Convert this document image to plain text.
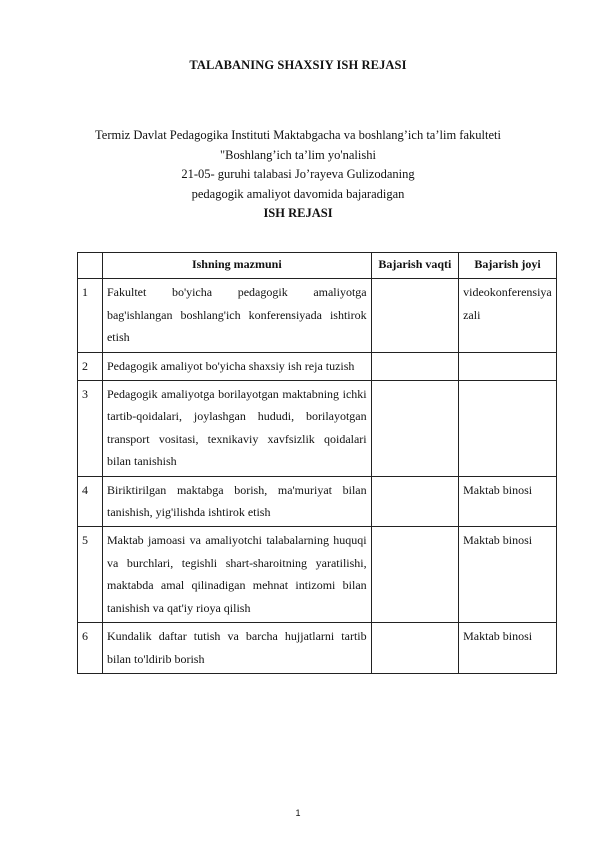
TALABANING SHAXSIY ISH REJASI
Termiz Davlat Pedagogika Instituti Maktabgacha va boshlang’ich ta’lim fakulteti
"Boshlang’ich ta’lim yo'nalishi
21-05- guruhi talabasi Jo’rayeva Gulizodaning
pedagogik amaliyot davomida bajaradigan
ISH REJASI
	Ishning mazmuni	Bajarish vaqti	Bajarish joyi
1	Fakultet bo'yicha pedagogik amaliyotga bag'ishlangan boshlang'ich konferensiyada ishtirok etish		videokonferensiya zali
2	Pedagogik amaliyot bo'yicha shaxsiy ish reja tuzish		
3	Pedagogik amaliyotga borilayotgan maktabning ichki tartib-qoidalari, joylashgan hududi, borilayotgan transport vositasi, texnikaviy xavfsizlik qoidalari bilan tanishish		
4	Biriktirilgan maktabga borish, ma'muriyat bilan tanishish, yig'ilishda ishtirok etish		Maktab binosi
5	Maktab jamoasi va amaliyotchi talabalarning huquqi va burchlari, tegishli shart-sharoitning yaratilishi, maktabda amal qilinadigan mehnat intizomi bilan tanishish va qat'iy rioya qilish		Maktab binosi
6	Kundalik daftar tutish va barcha hujjatlarni tartib bilan to'ldirib borish		Maktab binosi
1
